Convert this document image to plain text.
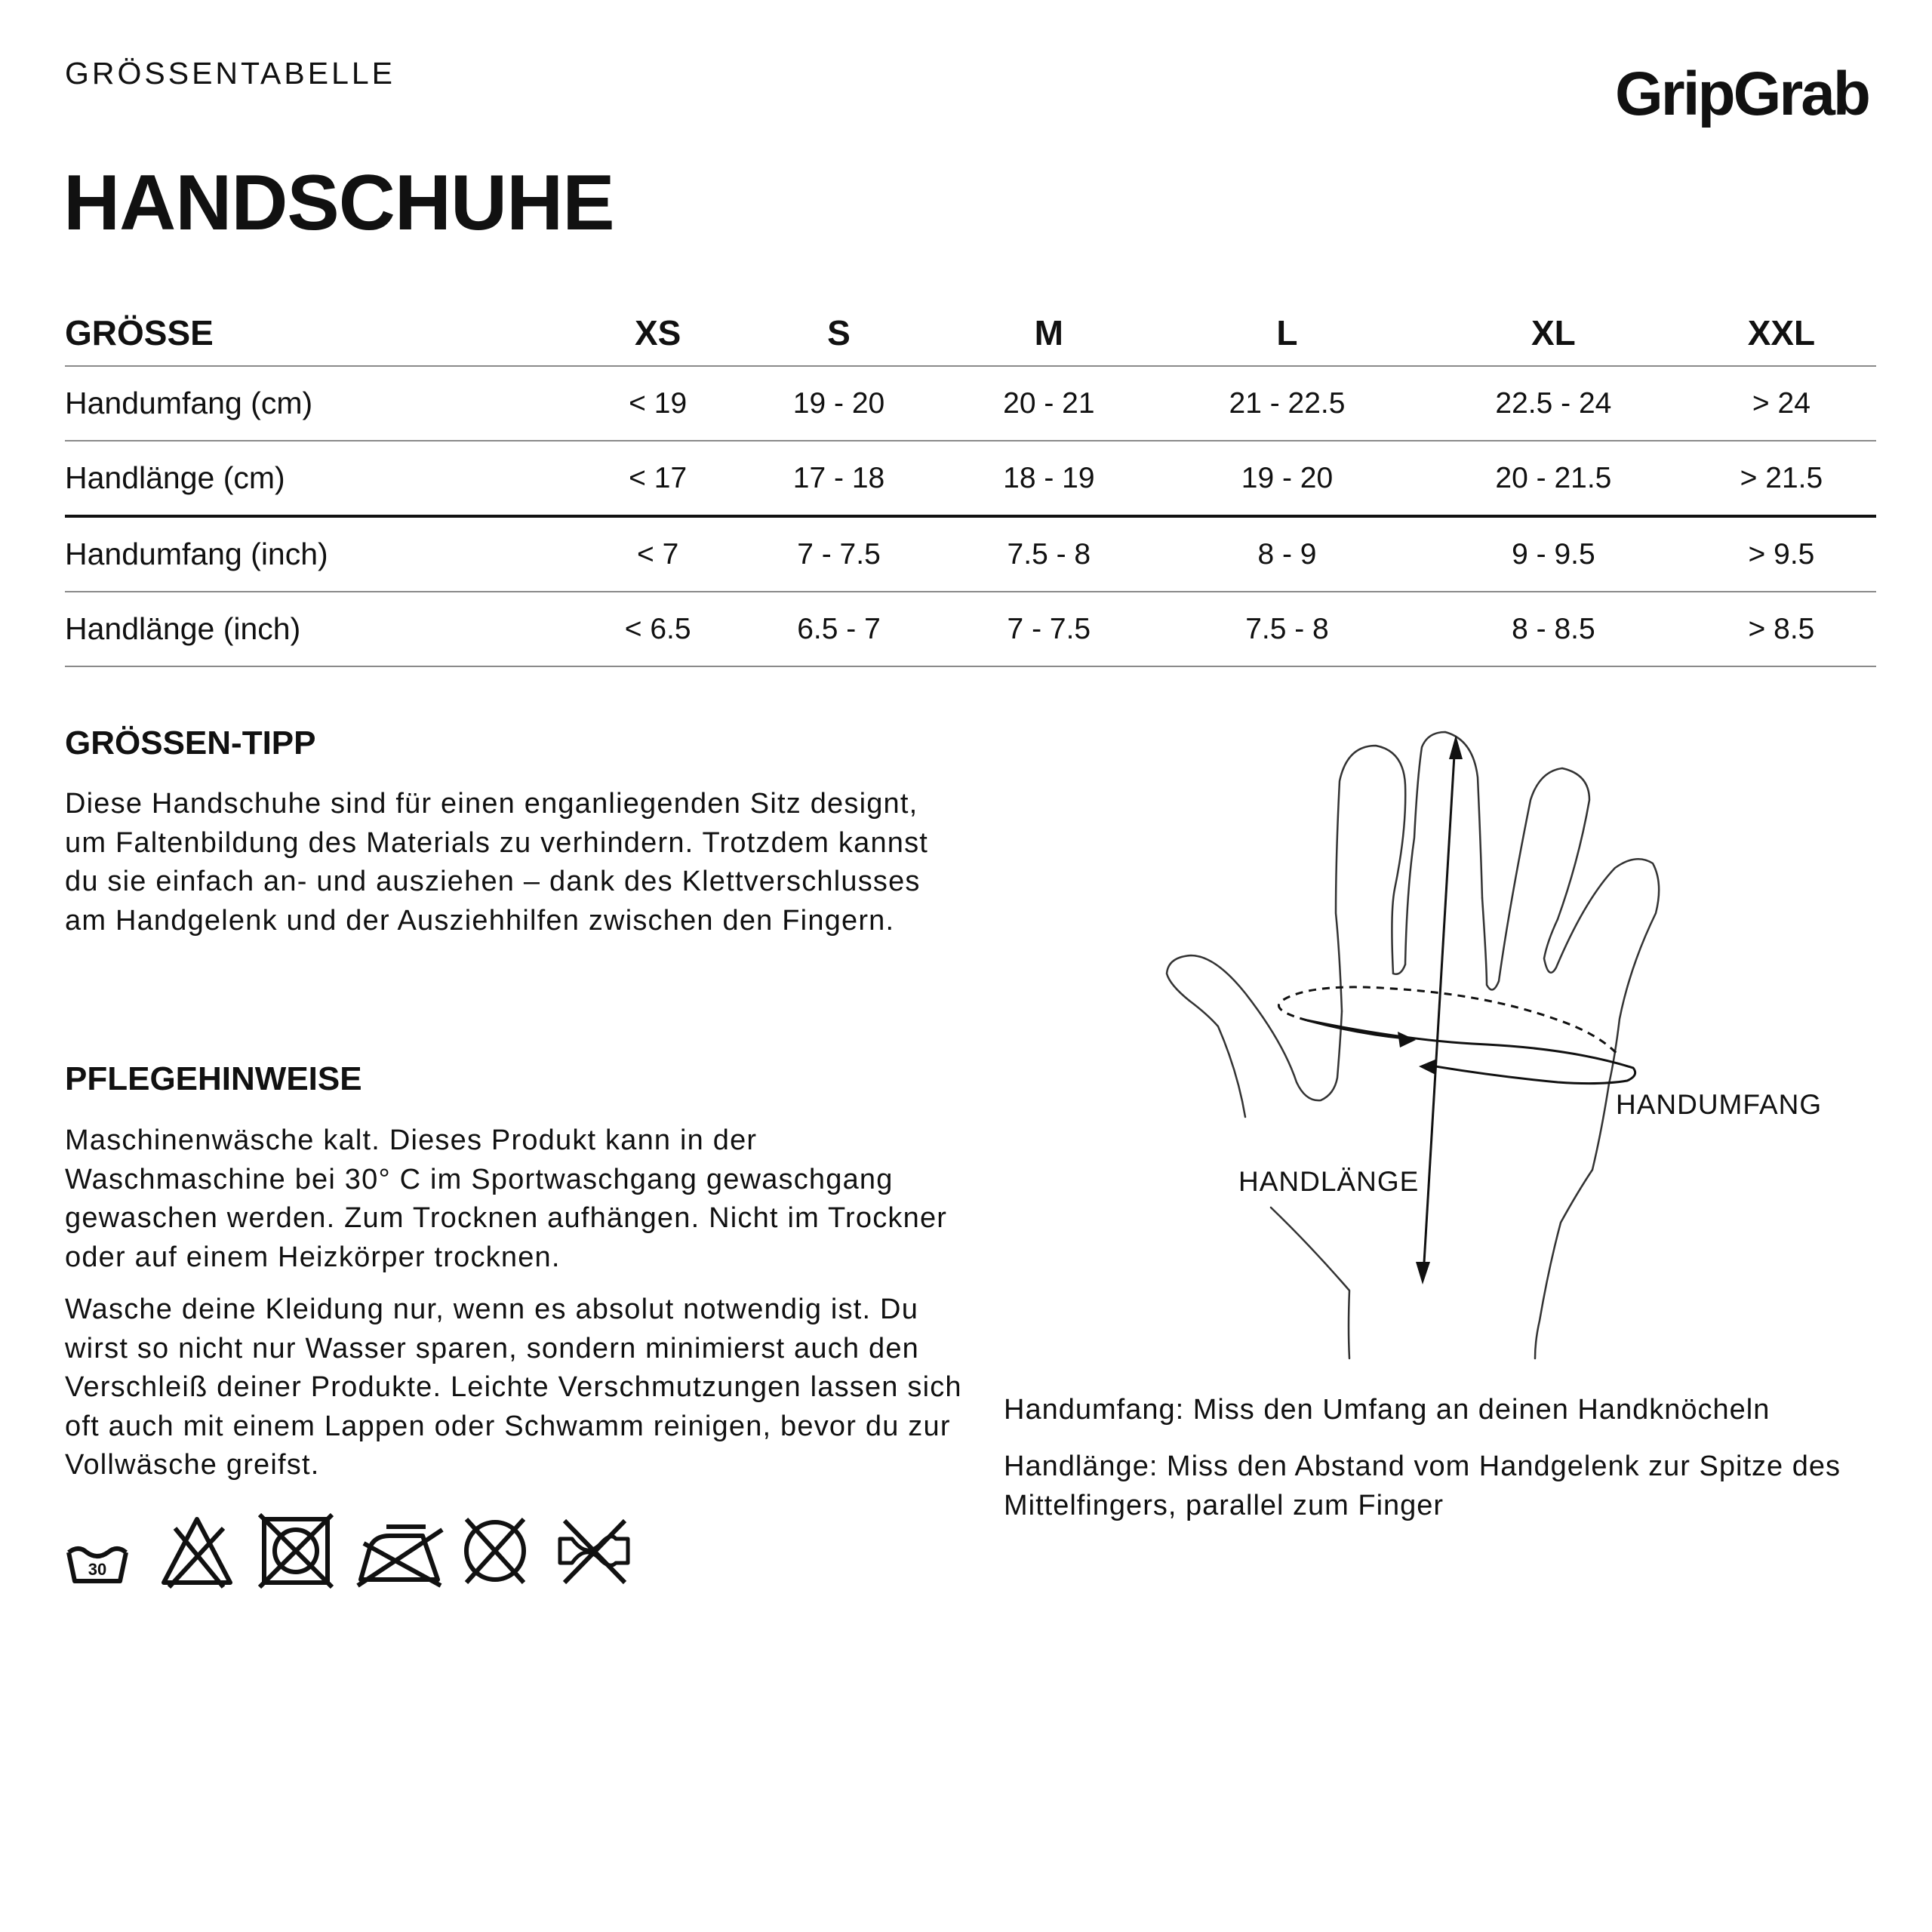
GRÖSSENTABELLE	GripGrab
HANDSCHUHE
GRÖSSE	XS	S	M	L	XL	XXL
Handumfang (cm)	< 19	19 - 20	20 - 21	21 - 22.5	22.5 - 24	> 24
Handlänge (cm)	< 17	17 - 18	18 - 19	19 - 20	20 - 21.5	> 21.5
Handumfang (inch)	< 7	7 - 7.5	7.5 - 8	8 - 9	9 - 9.5	> 9.5
Handlänge (inch)	< 6.5	6.5 - 7	7 - 7.5	7.5 - 8	8 - 8.5	> 8.5
GRÖSSEN-TIPP
Diese Handschuhe sind für einen enganliegenden Sitz designt, um Faltenbildung des Materials zu verhindern. Trotzdem kannst du sie einfach an- und ausziehen – dank des Klettverschlusses am Handgelenk und der Ausziehhilfen zwischen den Fingern.
PFLEGEHINWEISE
Maschinenwäsche kalt. Dieses Produkt kann in der Waschmaschine bei 30° C im Sportwaschgang gewaschgang gewaschen werden. Zum Trocknen aufhängen. Nicht im Trockner oder auf einem Heizkörper trocknen.
Wasche deine Kleidung nur, wenn es absolut notwendig ist. Du wirst so nicht nur Wasser sparen, sondern minimierst auch den Verschleiß deiner Produkte. Leichte Verschmutzungen lassen sich oft auch mit einem Lappen oder Schwamm reinigen, bevor du zur Vollwäsche greifst.
30
HANDUMFANG
HANDLÄNGE
Handumfang: Miss den Umfang an deinen Handknöcheln
Handlänge: Miss den Abstand vom Handgelenk zur Spitze des Mittelfingers, parallel zum Finger
